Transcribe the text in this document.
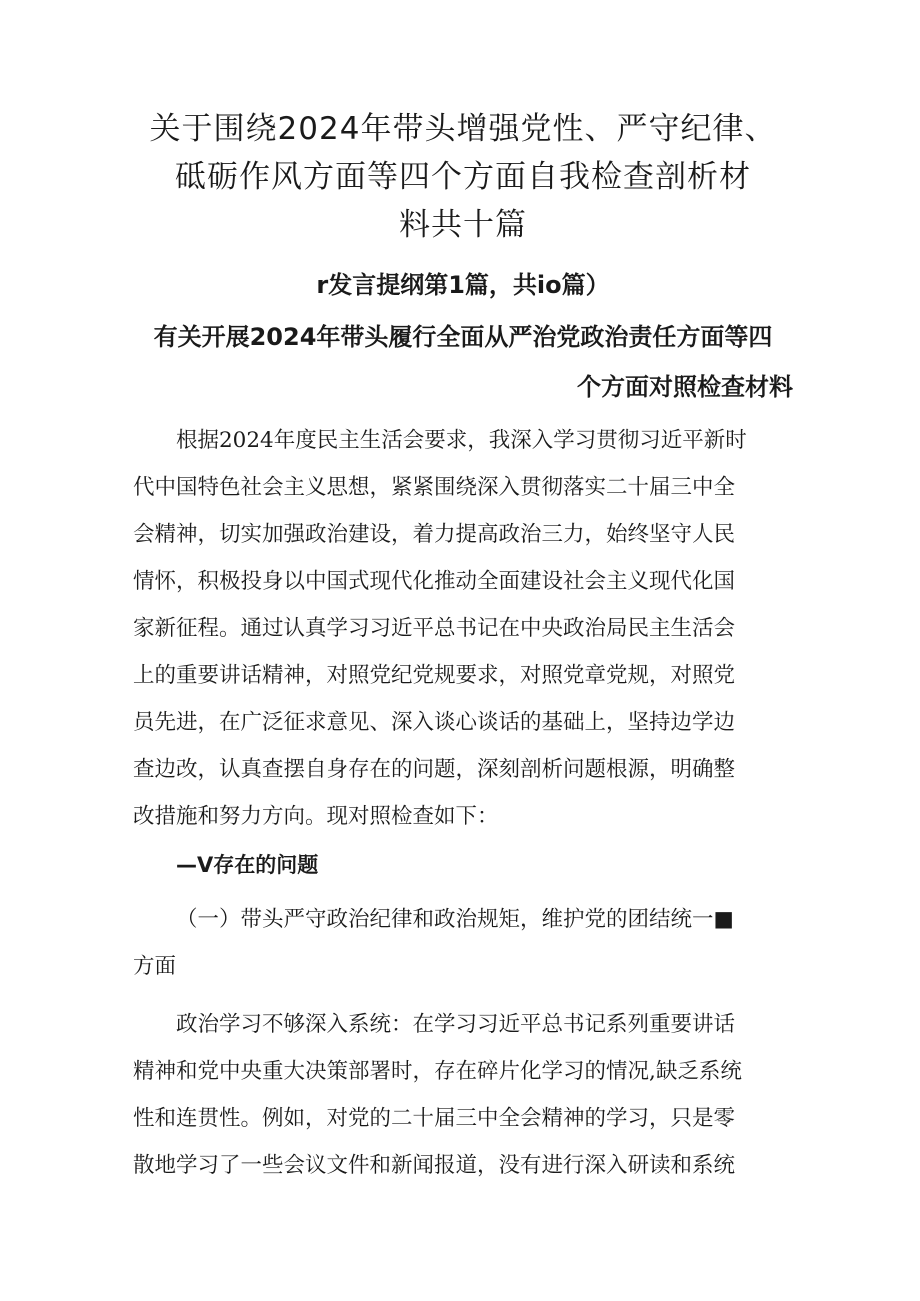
关于围绕2024年带头增强党性、严守纪律、
砥砺作风方面等四个方面自我检查剖析材
料共十篇
r发言提纲第1篇，共io篇）
有关开展2024年带头履行全面从严治党政治责任方面等四
个方面对照检查材料
根据2024年度民主生活会要求，我深入学习贯彻习近平新时
代中国特色社会主义思想，紧紧围绕深入贯彻落实二十届三中全
会精神，切实加强政治建设，着力提高政治三力，始终坚守人民
情怀，积极投身以中国式现代化推动全面建设社会主义现代化国
家新征程。通过认真学习习近平总书记在中央政治局民主生活会
上的重要讲话精神，对照党纪党规要求，对照党章党规，对照党
员先进，在广泛征求意见、深入谈心谈话的基础上，坚持边学边
查边改，认真查摆自身存在的问题，深刻剖析问题根源，明确整
改措施和努力方向。现对照检查如下：
—V存在的问题
（一）带头严守政治纪律和政治规矩，维护党的团结统一■
方面
政治学习不够深入系统：在学习习近平总书记系列重要讲话
精神和党中央重大决策部署时，存在碎片化学习的情况,缺乏系统
性和连贯性。例如，对党的二十届三中全会精神的学习，只是零
散地学习了一些会议文件和新闻报道，没有进行深入研读和系统
